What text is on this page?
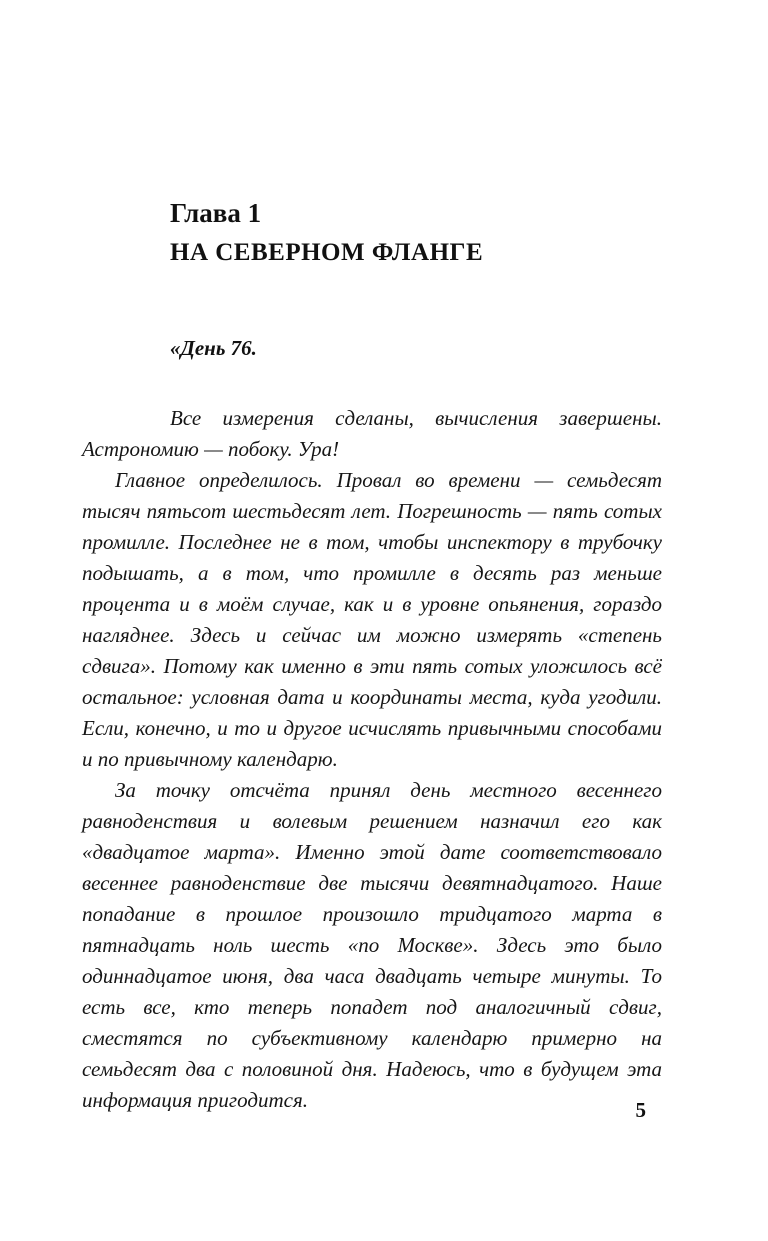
Глава 1
НА СЕВЕРНОМ ФЛАНГЕ
«День 76.

Все измерения сделаны, вычисления завершены. Астрономию — побоку. Ура!

Главное определилось. Провал во времени — семьдесят тысяч пятьсот шестьдесят лет. Погрешность — пять сотых промилле. Последнее не в том, чтобы инспектору в трубочку подышать, а в том, что промилле в десять раз меньше процента и в моём случае, как и в уровне опьянения, гораздо нагляднее. Здесь и сейчас им можно измерять «степень сдвига». Потому как именно в эти пять сотых уложилось всё остальное: условная дата и координаты места, куда угодили. Если, конечно, и то и другое исчислять привычными способами и по привычному календарю.

За точку отсчёта принял день местного весеннего равноденствия и волевым решением назначил его как «двадцатое марта». Именно этой дате соответствовало весеннее равноденствие две тысячи девятнадцатого. Наше попадание в прошлое произошло тридцатого марта в пятнадцать ноль шесть «по Москве». Здесь это было одиннадцатое июня, два часа двадцать четыре минуты. То есть все, кто теперь попадет под аналогичный сдвиг, сместятся по субъективному календарю примерно на семьдесят два с половиной дня. Надеюсь, что в будущем эта информация пригодится.	5
